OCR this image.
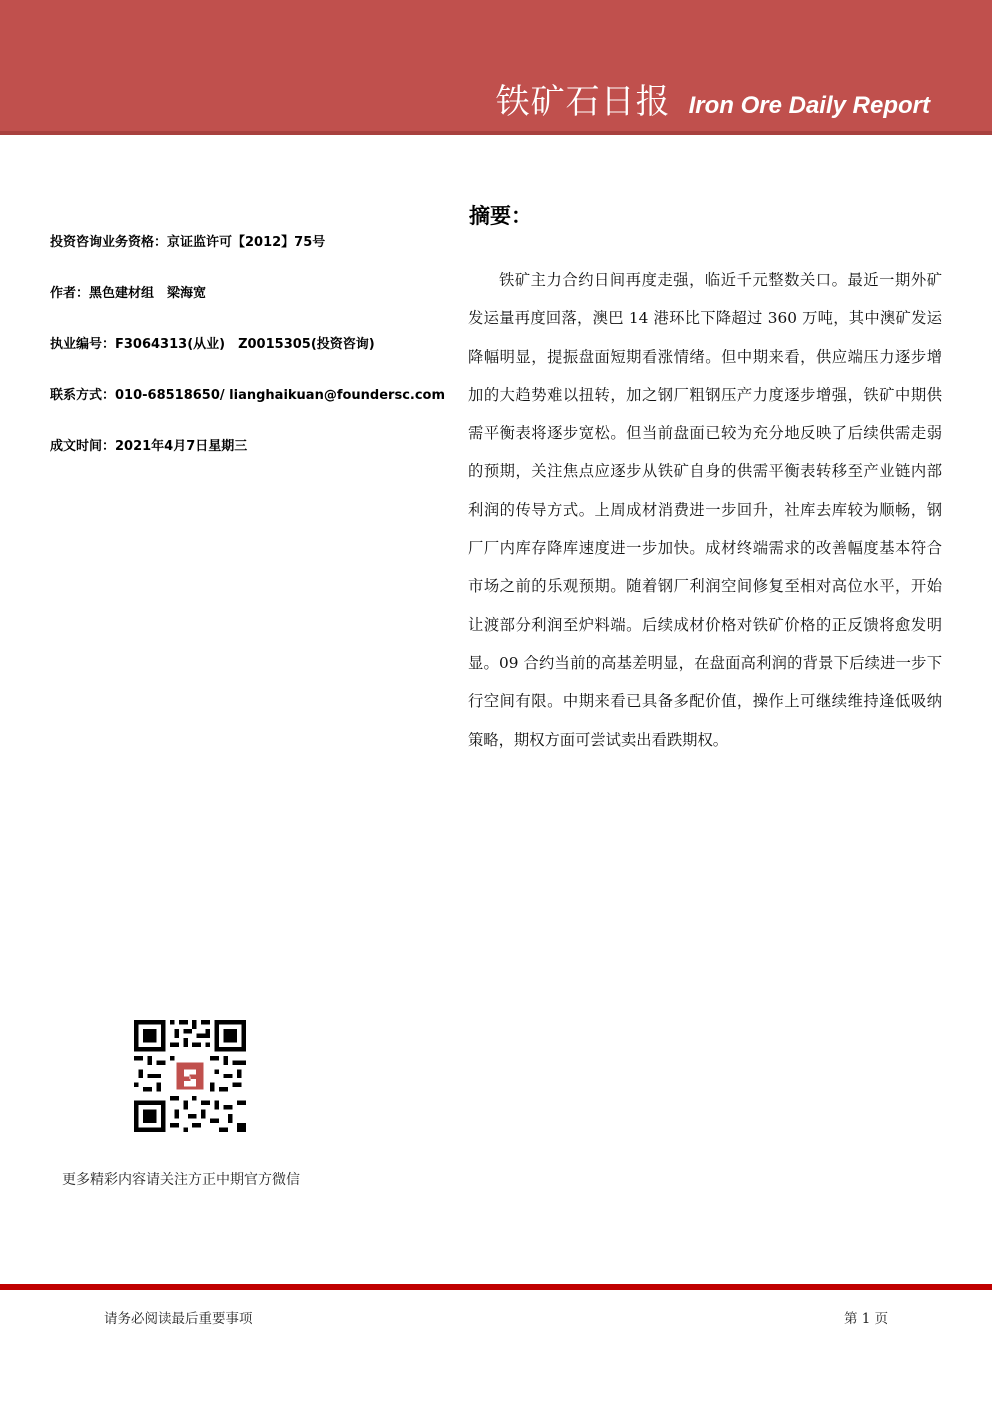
铁矿石日报 Iron Ore Daily Report
投资咨询业务资格：京证监许可【2012】75号
作者：黑色建材组　梁海宽
执业编号：F3064313(从业)　Z0015305(投资咨询)
联系方式：010-68518650/ lianghaikuan@foundersc.com
成文时间：2021年4月7日星期三
摘要：
铁矿主力合约日间再度走强，临近千元整数关口。最近一期外矿发运量再度回落，澳巴 14 港环比下降超过 360 万吨，其中澳矿发运降幅明显，提振盘面短期看涨情绪。但中期来看，供应端压力逐步增加的大趋势难以扭转，加之钢厂粗钢压产力度逐步增强，铁矿中期供需平衡表将逐步宽松。但当前盘面已较为充分地反映了后续供需走弱的预期，关注焦点应逐步从铁矿自身的供需平衡表转移至产业链内部利润的传导方式。上周成材消费进一步回升，社库去库较为顺畅，钢厂厂内库存降库速度进一步加快。成材终端需求的改善幅度基本符合市场之前的乐观预期。随着钢厂利润空间修复至相对高位水平，开始让渡部分利润至炉料端。后续成材价格对铁矿价格的正反馈将愈发明显。09 合约当前的高基差明显，在盘面高利润的背景下后续进一步下行空间有限。中期来看已具备多配价值，操作上可继续维持逢低吸纳策略，期权方面可尝试卖出看跌期权。
更多精彩内容请关注方正中期官方微信
请务必阅读最后重要事项	第 1 页
